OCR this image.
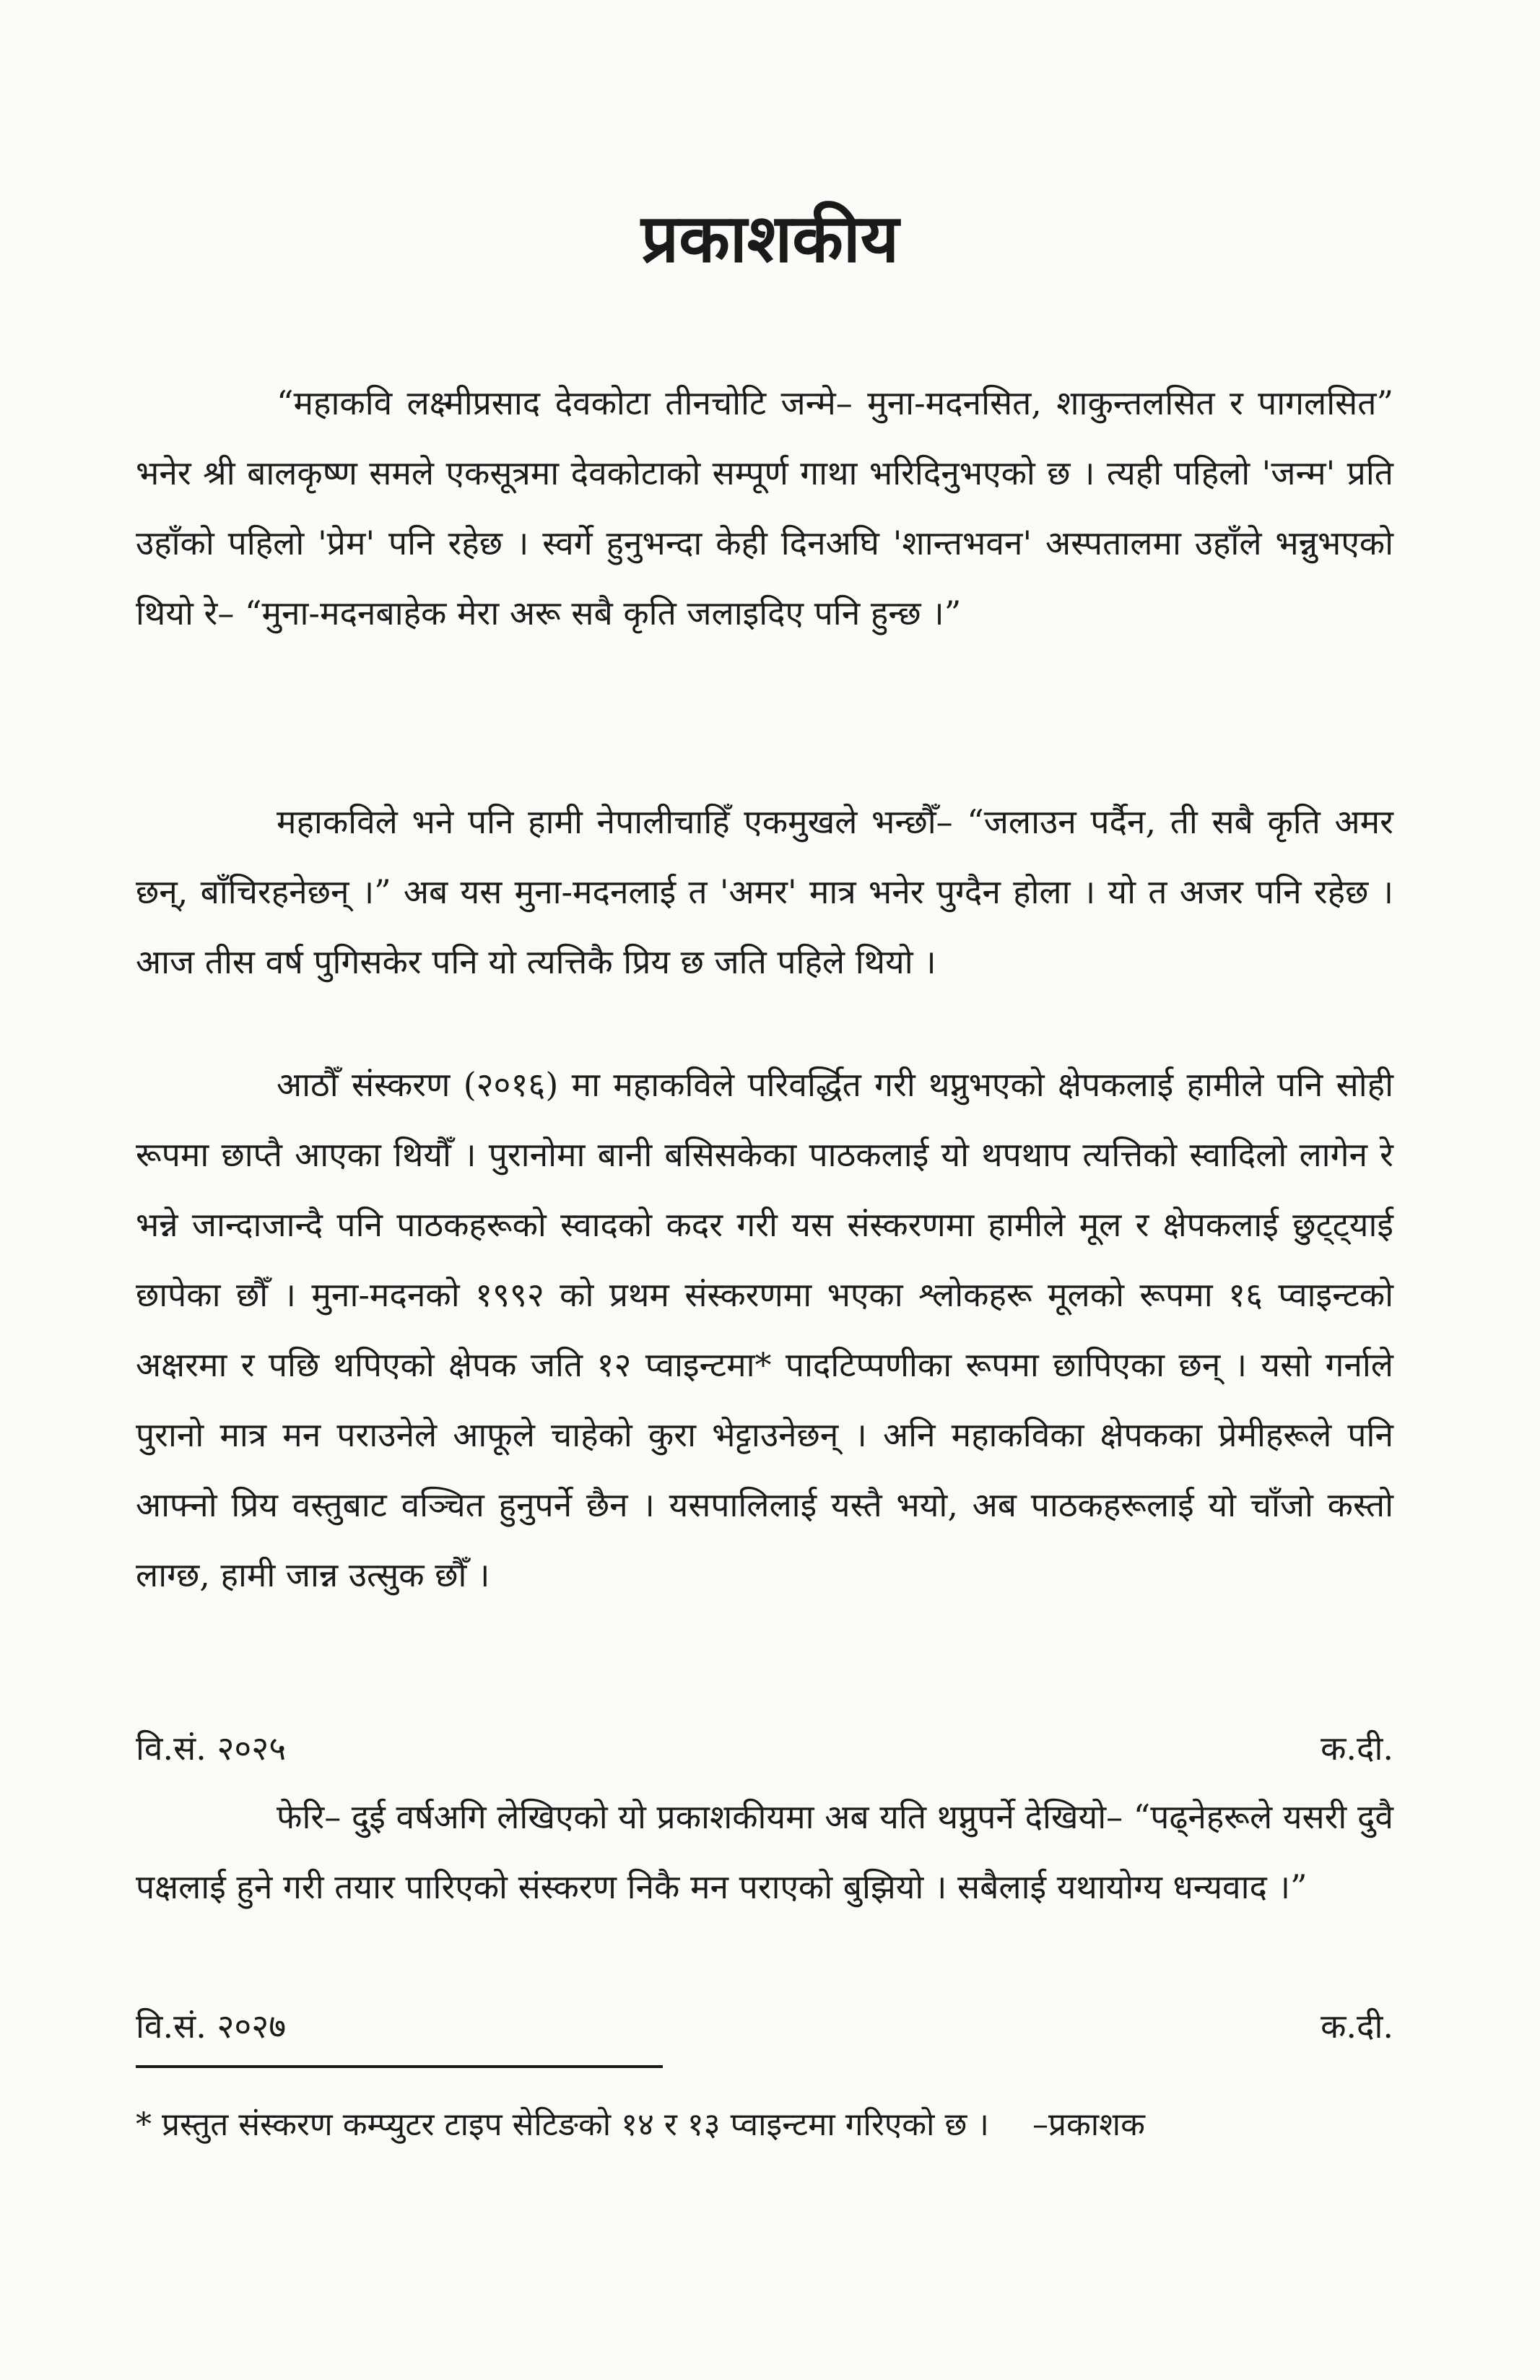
प्रकाशकीय

“महाकवि लक्ष्मीप्रसाद देवकोटा तीनचोटि जन्मे– मुना-मदनसित, शाकुन्तलसित र पागलसित” भनेर श्री बालकृष्ण समले एकसूत्रमा देवकोटाको सम्पूर्ण गाथा भरिदिनुभएको छ । त्यही पहिलो 'जन्म' प्रति उहाँको पहिलो 'प्रेम' पनि रहेछ । स्वर्गे हुनुभन्दा केही दिनअघि 'शान्तभवन' अस्पतालमा उहाँले भन्नुभएको थियो रे– “मुना-मदनबाहेक मेरा अरू सबै कृति जलाइदिए पनि हुन्छ ।”

महाकविले भने पनि हामी नेपालीचाहिँ एकमुखले भन्छौँ– “जलाउन पर्दैन, ती सबै कृति अमर छन्, बाँचिरहनेछन् ।” अब यस मुना-मदनलाई त 'अमर' मात्र भनेर पुग्दैन होला । यो त अजर पनि रहेछ । आज तीस वर्ष पुगिसकेर पनि यो त्यत्तिकै प्रिय छ जति पहिले थियो ।

आठौँ संस्करण (२०१६) मा महाकविले परिवर्द्धित गरी थप्नुभएको क्षेपकलाई हामीले पनि सोही रूपमा छाप्तै आएका थियौँ । पुरानोमा बानी बसिसकेका पाठकलाई यो थपथाप त्यत्तिको स्वादिलो लागेन रे भन्ने जान्दाजान्दै पनि पाठकहरूको स्वादको कदर गरी यस संस्करणमा हामीले मूल र क्षेपकलाई छुट्ट्याई छापेका छौँ । मुना-मदनको १९९२ को प्रथम संस्करणमा भएका श्लोकहरू मूलको रूपमा १६ प्वाइन्टको अक्षरमा र पछि थपिएको क्षेपक जति १२ प्वाइन्टमा* पादटिप्पणीका रूपमा छापिएका छन् । यसो गर्नाले पुरानो मात्र मन पराउनेले आफूले चाहेको कुरा भेट्टाउनेछन् । अनि महाकविका क्षेपकका प्रेमीहरूले पनि आफ्नो प्रिय वस्तुबाट वञ्चित हुनुपर्ने छैन । यसपालिलाई यस्तै भयो, अब पाठकहरूलाई यो चाँजो कस्तो लाग्छ, हामी जान्न उत्सुक छौँ ।

वि.सं. २०२५	क.दी.

फेरि– दुई वर्षअगि लेखिएको यो प्रकाशकीयमा अब यति थप्नुपर्ने देखियो– “पढ्नेहरूले यसरी दुवै पक्षलाई हुने गरी तयार पारिएको संस्करण निकै मन पराएको बुझियो । सबैलाई यथायोग्य धन्यवाद ।”

वि.सं. २०२७	क.दी.
* प्रस्तुत संस्करण कम्प्युटर टाइप सेटिङको १४ र १३ प्वाइन्टमा गरिएको छ । –प्रकाशक
